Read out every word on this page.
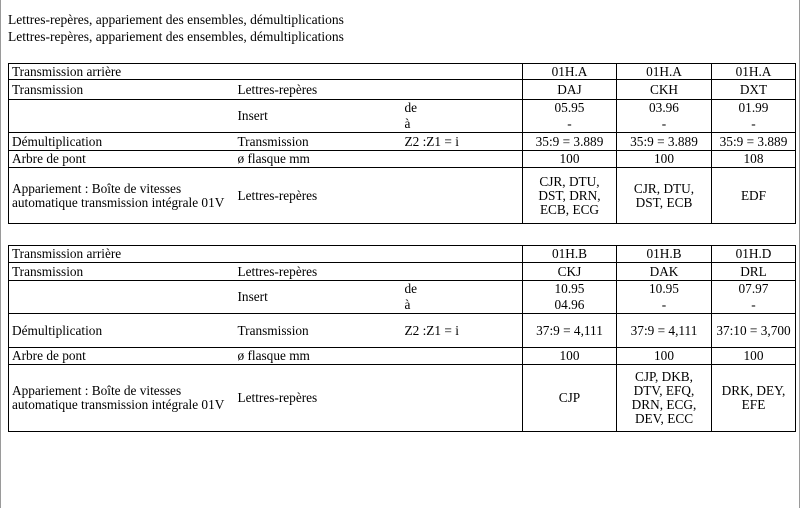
Lettres-repères, appariement des ensembles, démultiplications
Lettres-repères, appariement des ensembles, démultiplications
Transmission arrière			01H.A	01H.A	01H.A
Transmission	Lettres-repères		DAJ	CKH	DXT
	Insert	de	05.95	03.96	01.99
		à	-	-	-
Démultiplication	Transmission	Z2 :Z1 = i	35:9 = 3.889	35:9 = 3.889	35:9 = 3.889
Arbre de pont	ø flasque mm		100	100	108
Appariement : Boîte de vitesses automatique transmission intégrale 01V	Lettres-repères		CJR, DTU, DST, DRN, ECB, ECG	CJR, DTU, DST, ECB	EDF
Transmission arrière			01H.B	01H.B	01H.D
Transmission	Lettres-repères		CKJ	DAK	DRL
	Insert	de	10.95	10.95	07.97
		à	04.96	-	-
Démultiplication	Transmission	Z2 :Z1 = i	37:9 = 4,111	37:9 = 4,111	37:10 = 3,700
Arbre de pont	ø flasque mm		100	100	100
Appariement : Boîte de vitesses automatique transmission intégrale 01V	Lettres-repères		CJP	CJP, DKB, DTV, EFQ, DRN, ECG, DEV, ECC	DRK, DEY, EFE
